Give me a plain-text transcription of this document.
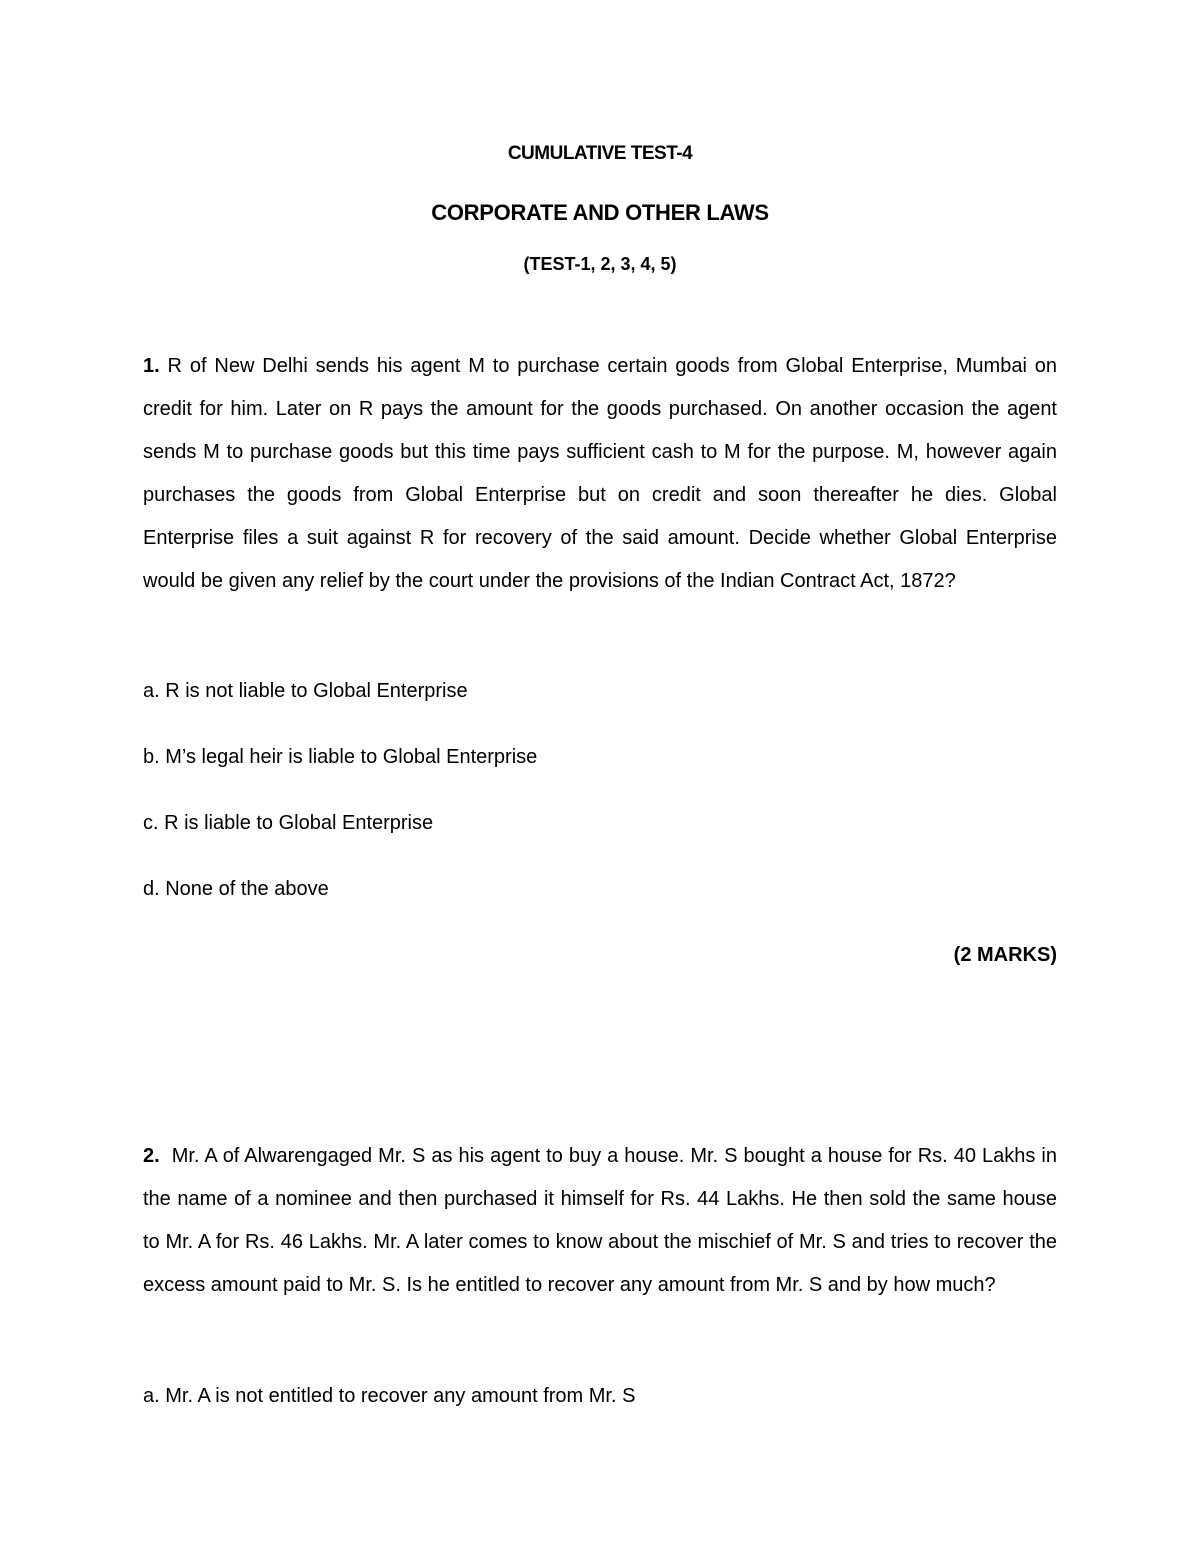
CUMULATIVE TEST-4
CORPORATE AND OTHER LAWS
(TEST-1, 2, 3, 4, 5)

1. R of New Delhi sends his agent M to purchase certain goods from Global Enterprise, Mumbai on credit for him. Later on R pays the amount for the goods purchased. On another occasion the agent sends M to purchase goods but this time pays sufficient cash to M for the purpose. M, however again purchases the goods from Global Enterprise but on credit and soon thereafter he dies. Global Enterprise files a suit against R for recovery of the said amount. Decide whether Global Enterprise would be given any relief by the court under the provisions of the Indian Contract Act, 1872?

a. R is not liable to Global Enterprise

b. M’s legal heir is liable to Global Enterprise

c. R is liable to Global Enterprise

d. None of the above

(2 MARKS)

2. Mr. A of Alwarengaged Mr. S as his agent to buy a house. Mr. S bought a house for Rs. 40 Lakhs in the name of a nominee and then purchased it himself for Rs. 44 Lakhs. He then sold the same house to Mr. A for Rs. 46 Lakhs. Mr. A later comes to know about the mischief of Mr. S and tries to recover the excess amount paid to Mr. S. Is he entitled to recover any amount from Mr. S and by how much?

a. Mr. A is not entitled to recover any amount from Mr. S
